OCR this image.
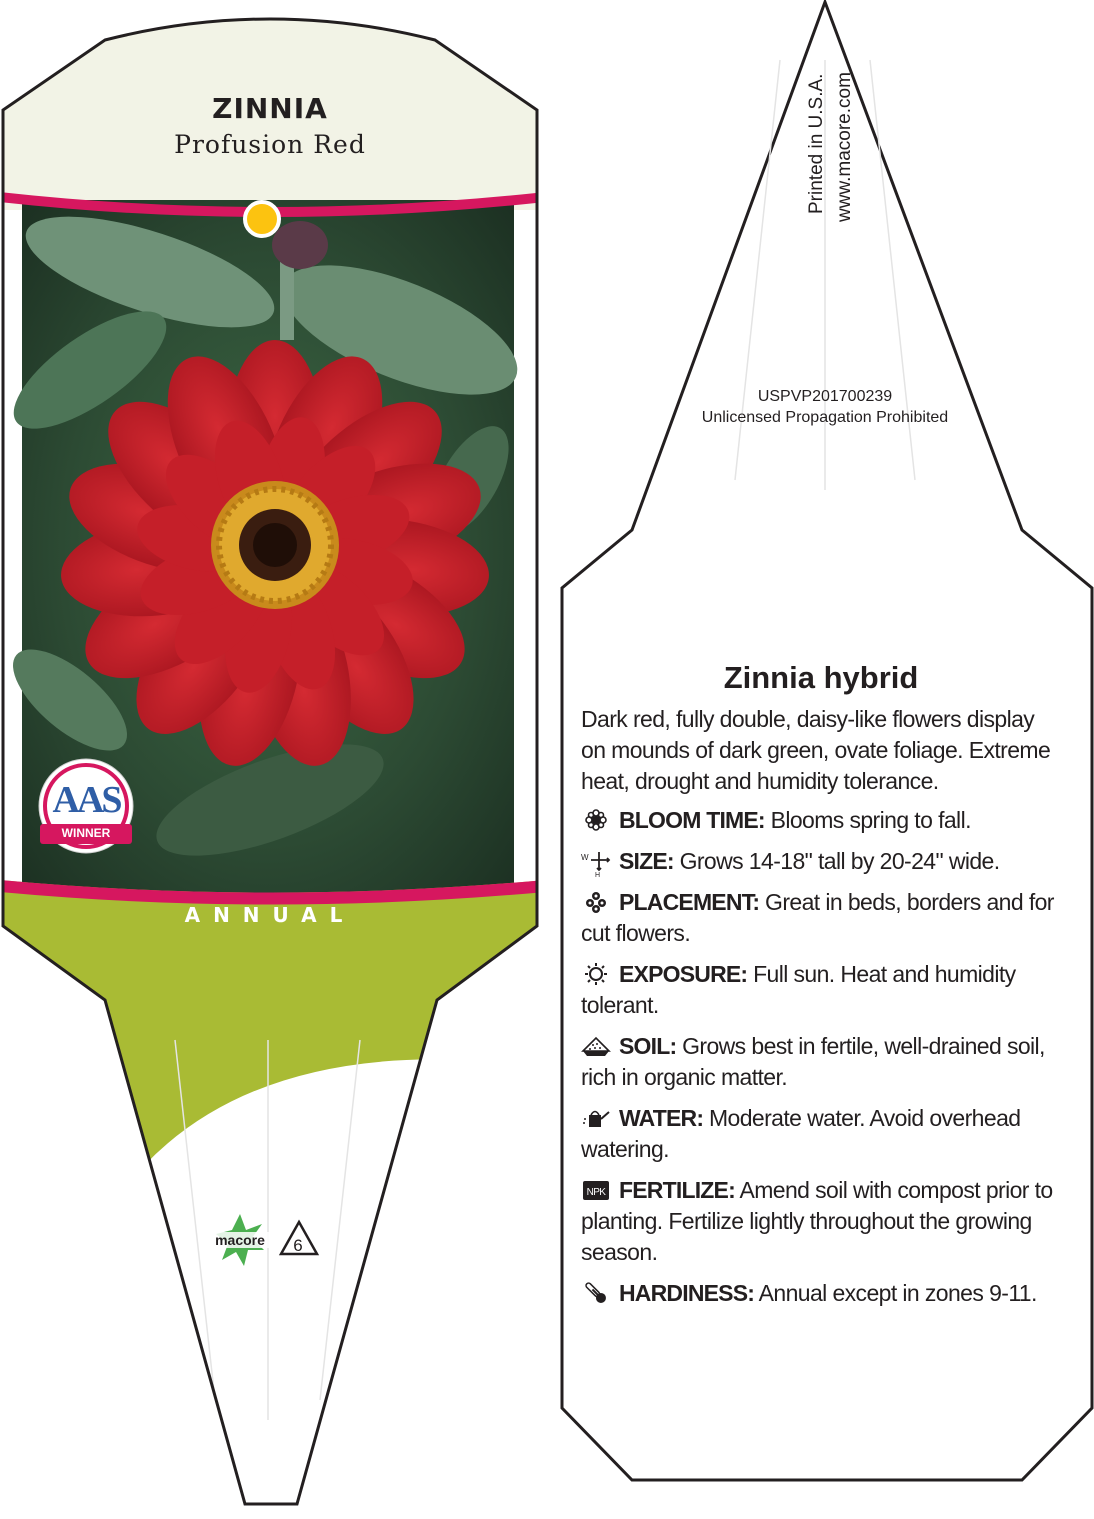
ZINNIA
Profusion Red
AAS
WINNER
ANNUAL
macore	6
Printed in U.S.A. www.macore.com
USPVP201700239
Unlicensed Propagation Prohibited
Zinnia hybrid
Dark red, fully double, daisy-like flowers display on mounds of dark green, ovate foliage. Extreme heat, drought and humidity tolerance.
BLOOM TIME: Blooms spring to fall.
W
H
SIZE: Grows 14-18" tall by 20-24" wide.
PLACEMENT: Great in beds, borders and for cut flowers.
EXPOSURE: Full sun. Heat and humidity tolerant.
SOIL: Grows best in fertile, well-drained soil, rich in organic matter.
WATER: Moderate water. Avoid overhead watering.
NPK FERTILIZE: Amend soil with compost prior to planting. Fertilize lightly throughout the growing season.
HARDINESS: Annual except in zones 9-11.
